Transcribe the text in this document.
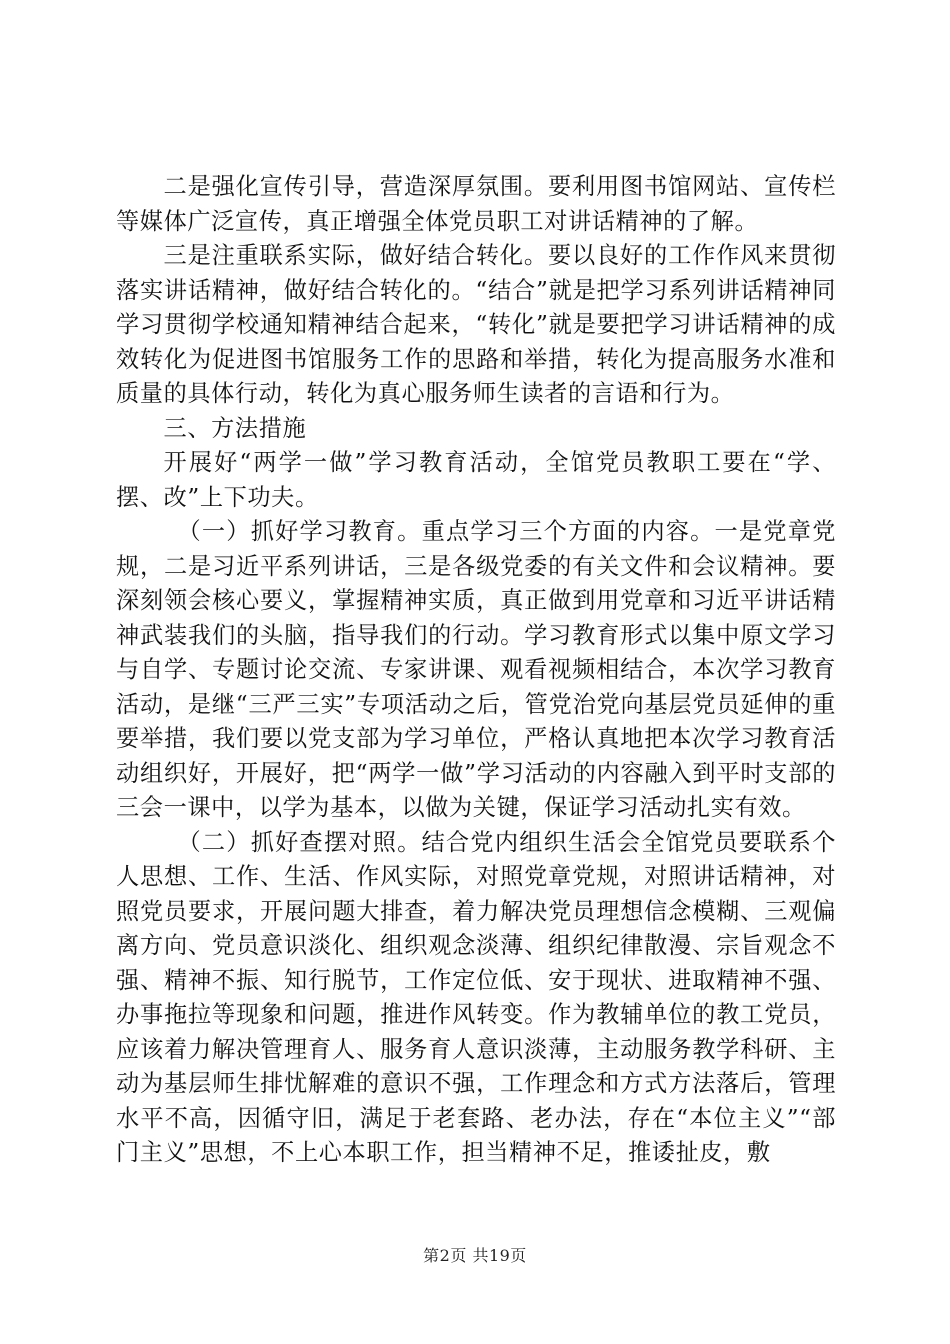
二是强化宣传引导，营造深厚氛围。要利用图书馆网站、宣传栏等媒体广泛宣传，真正增强全体党员职工对讲话精神的了解。

三是注重联系实际，做好结合转化。要以良好的工作作风来贯彻落实讲话精神，做好结合转化的。“结合”就是把学习系列讲话精神同学习贯彻学校通知精神结合起来，“转化”就是要把学习讲话精神的成效转化为促进图书馆服务工作的思路和举措，转化为提高服务水准和质量的具体行动，转化为真心服务师生读者的言语和行为。

三、方法措施

开展好“两学一做”学习教育活动，全馆党员教职工要在“学、摆、改”上下功夫。

（一）抓好学习教育。重点学习三个方面的内容。一是党章党规，二是习近平系列讲话，三是各级党委的有关文件和会议精神。要深刻领会核心要义，掌握精神实质，真正做到用党章和习近平讲话精神武装我们的头脑，指导我们的行动。学习教育形式以集中原文学习与自学、专题讨论交流、专家讲课、观看视频相结合，本次学习教育活动，是继“三严三实”专项活动之后，管党治党向基层党员延伸的重要举措，我们要以党支部为学习单位，严格认真地把本次学习教育活动组织好，开展好，把“两学一做”学习活动的内容融入到平时支部的三会一课中，以学为基本，以做为关键，保证学习活动扎实有效。

（二）抓好查摆对照。结合党内组织生活会全馆党员要联系个人思想、工作、生活、作风实际，对照党章党规，对照讲话精神，对照党员要求，开展问题大排查，着力解决党员理想信念模糊、三观偏离方向、党员意识淡化、组织观念淡薄、组织纪律散漫、宗旨观念不强、精神不振、知行脱节，工作定位低、安于现状、进取精神不强、办事拖拉等现象和问题，推进作风转变。作为教辅单位的教工党员，应该着力解决管理育人、服务育人意识淡薄，主动服务教学科研、主动为基层师生排忧解难的意识不强，工作理念和方式方法落后，管理水平不高，因循守旧，满足于老套路、老办法，存在“本位主义”“部门主义”思想，不上心本职工作，担当精神不足，推诿扯皮，敷

第2页 共19页
